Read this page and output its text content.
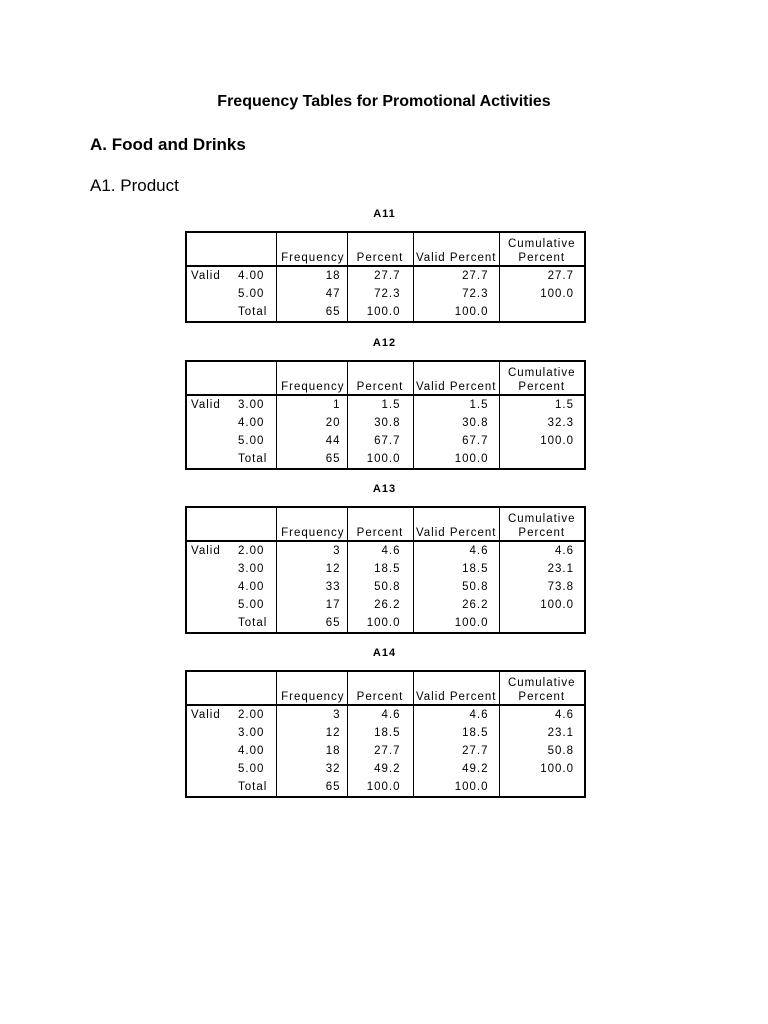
Frequency Tables for Promotional Activities
A. Food and Drinks
A1. Product
A11
		Frequency	Percent	Valid Percent	Cumulative
Percent
Valid	4.00	18	27.7	27.7	27.7
	5.00	47	72.3	72.3	100.0
	Total	65	100.0	100.0	
A12
		Frequency	Percent	Valid Percent	Cumulative
Percent
Valid	3.00	1	1.5	1.5	1.5
	4.00	20	30.8	30.8	32.3
	5.00	44	67.7	67.7	100.0
	Total	65	100.0	100.0	
A13
		Frequency	Percent	Valid Percent	Cumulative
Percent
Valid	2.00	3	4.6	4.6	4.6
	3.00	12	18.5	18.5	23.1
	4.00	33	50.8	50.8	73.8
	5.00	17	26.2	26.2	100.0
	Total	65	100.0	100.0	
A14
		Frequency	Percent	Valid Percent	Cumulative
Percent
Valid	2.00	3	4.6	4.6	4.6
	3.00	12	18.5	18.5	23.1
	4.00	18	27.7	27.7	50.8
	5.00	32	49.2	49.2	100.0
	Total	65	100.0	100.0	
